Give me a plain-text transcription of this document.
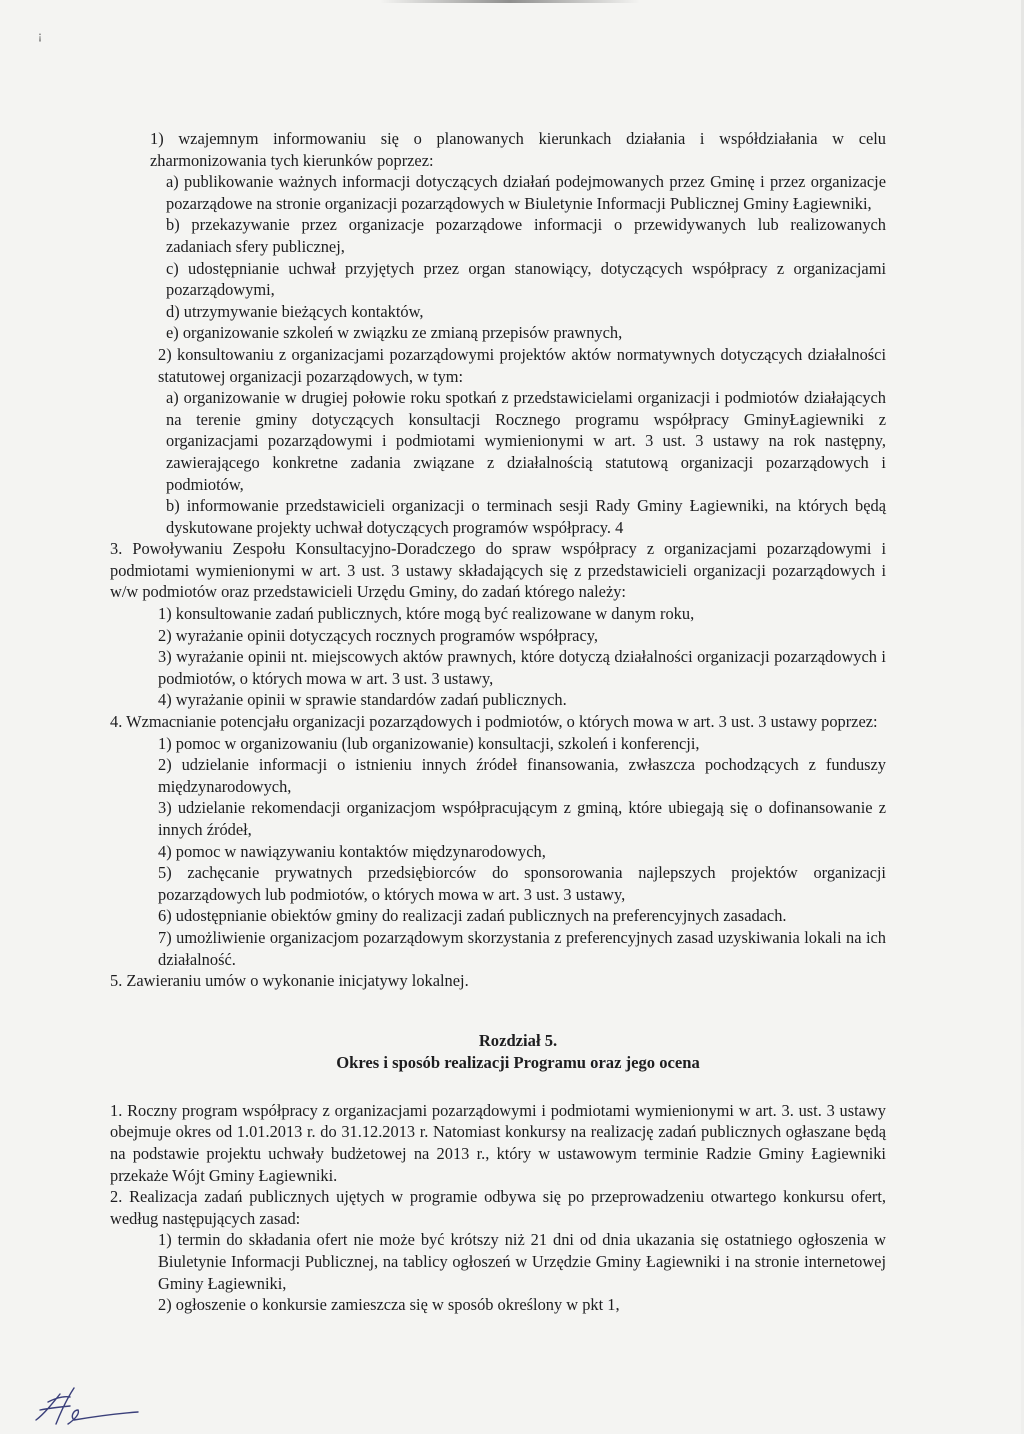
¡

1) wzajemnym informowaniu się o planowanych kierunkach działania i współdziałania w celu zharmonizowania tych kierunków poprzez:

a) publikowanie ważnych informacji dotyczących działań podejmowanych przez Gminę i przez organizacje pozarządowe na stronie organizacji pozarządowych w Biuletynie Informacji Publicznej Gminy Łagiewniki,

b) przekazywanie przez organizacje pozarządowe informacji o przewidywanych lub realizowanych zadaniach sfery publicznej,

c) udostępnianie uchwał przyjętych przez organ stanowiący, dotyczących współpracy z organizacjami pozarządowymi,

d) utrzymywanie bieżących kontaktów,

e) organizowanie szkoleń w związku ze zmianą przepisów prawnych,

2) konsultowaniu z organizacjami pozarządowymi projektów aktów normatywnych dotyczących działalności statutowej organizacji pozarządowych, w tym:

a) organizowanie w drugiej połowie roku spotkań z przedstawicielami organizacji i podmiotów działających na terenie gminy dotyczących konsultacji Rocznego programu współpracy GminyŁagiewniki z organizacjami pozarządowymi i podmiotami wymienionymi w art. 3 ust. 3 ustawy na rok następny, zawierającego konkretne zadania związane z działalnością statutową organizacji pozarządowych i podmiotów,

b) informowanie przedstawicieli organizacji o terminach sesji Rady Gminy Łagiewniki, na których będą dyskutowane projekty uchwał dotyczących programów współpracy. 4

3. Powoływaniu Zespołu Konsultacyjno-Doradczego do spraw współpracy z organizacjami pozarządowymi i podmiotami wymienionymi w art. 3 ust. 3 ustawy składających się z przedstawicieli organizacji pozarządowych i w/w podmiotów oraz przedstawicieli Urzędu Gminy, do zadań którego należy:

1) konsultowanie zadań publicznych, które mogą być realizowane w danym roku,

2) wyrażanie opinii dotyczących rocznych programów współpracy,

3) wyrażanie opinii nt. miejscowych aktów prawnych, które dotyczą działalności organizacji pozarządowych i podmiotów, o których mowa w art. 3 ust. 3 ustawy,

4) wyrażanie opinii w sprawie standardów zadań publicznych.

4. Wzmacnianie potencjału organizacji pozarządowych i podmiotów, o których mowa w art. 3 ust. 3 ustawy poprzez:

1) pomoc w organizowaniu (lub organizowanie) konsultacji, szkoleń i konferencji,

2) udzielanie informacji o istnieniu innych źródeł finansowania, zwłaszcza pochodzących z funduszy międzynarodowych,

3) udzielanie rekomendacji organizacjom współpracującym z gminą, które ubiegają się o dofinansowanie z innych źródeł,

4) pomoc w nawiązywaniu kontaktów międzynarodowych,

5) zachęcanie prywatnych przedsiębiorców do sponsorowania najlepszych projektów organizacji pozarządowych lub podmiotów, o których mowa w art. 3 ust. 3 ustawy,

6) udostępnianie obiektów gminy do realizacji zadań publicznych na preferencyjnych zasadach.

7) umożliwienie organizacjom pozarządowym skorzystania z preferencyjnych zasad uzyskiwania lokali na ich działalność.

5. Zawieraniu umów o wykonanie inicjatywy lokalnej.

Rozdział 5.
Okres i sposób realizacji Programu oraz jego ocena

1. Roczny program współpracy z organizacjami pozarządowymi i podmiotami wymienionymi w art. 3. ust. 3 ustawy obejmuje okres od 1.01.2013 r. do 31.12.2013 r. Natomiast konkursy na realizację zadań publicznych ogłaszane będą na podstawie projektu uchwały budżetowej na 2013 r., który w ustawowym terminie Radzie Gminy Łagiewniki przekaże Wójt Gminy Łagiewniki.

2. Realizacja zadań publicznych ujętych w programie odbywa się po przeprowadzeniu otwartego konkursu ofert, według następujących zasad:

1) termin do składania ofert nie może być krótszy niż 21 dni od dnia ukazania się ostatniego ogłoszenia w Biuletynie Informacji Publicznej, na tablicy ogłoszeń w Urzędzie Gminy Łagiewniki i na stronie internetowej Gminy Łagiewniki,

2) ogłoszenie o konkursie zamieszcza się w sposób określony w pkt 1,
